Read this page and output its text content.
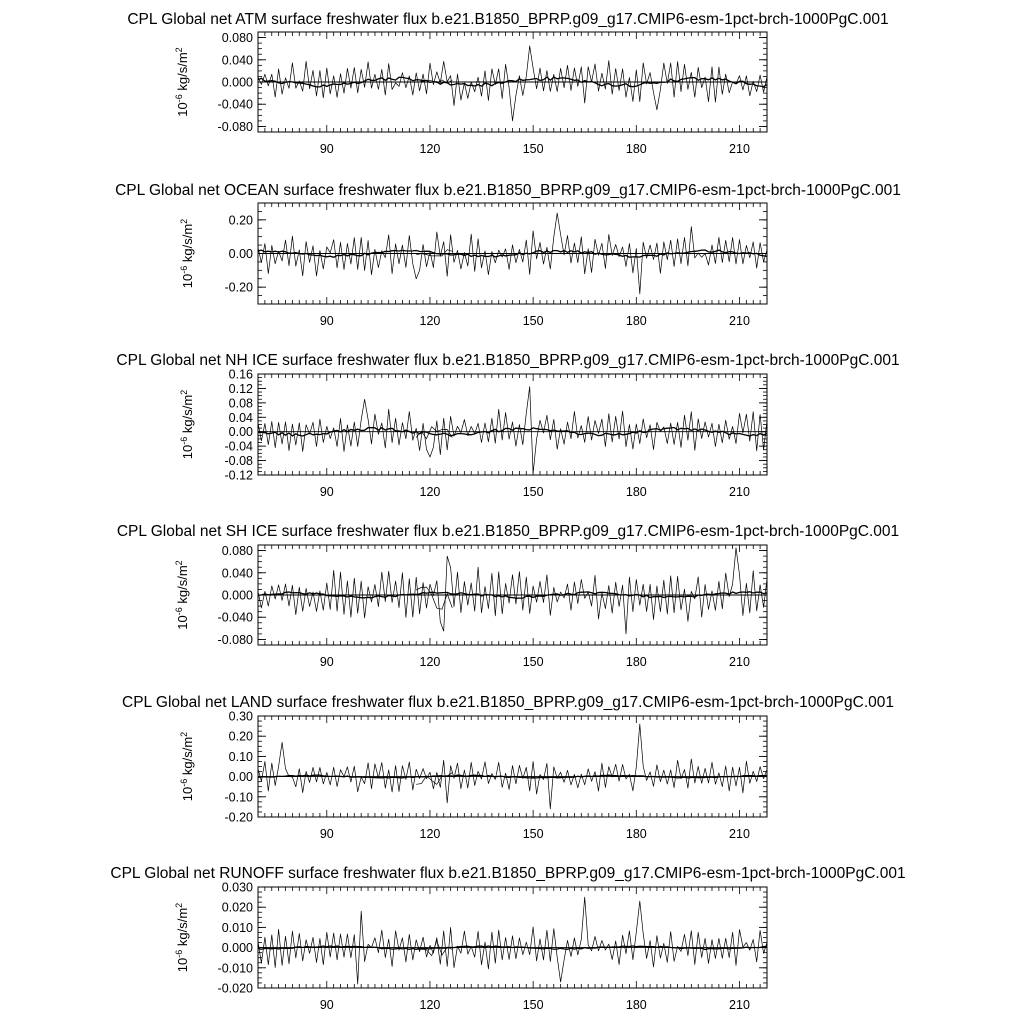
CPL Global net ATM surface freshwater flux b.e21.B1850_BPRP.g09_g17.CMIP6-esm-1pct-brch-1000PgC.001
90	120	150	180	210
0.080
0.040
0.000
-0.040
-0.080
$10^{-6}$ $kg/s/m^2$
CPL Global net OCEAN surface freshwater flux b.e21.B1850_BPRP.g09_g17.CMIP6-esm-1pct-brch-1000PgC.001
90	120	150	180	210
0.20
0.00
-0.20
$10^{-6}$ $kg/s/m^2$
CPL Global net NH ICE surface freshwater flux b.e21.B1850_BPRP.g09_g17.CMIP6-esm-1pct-brch-1000PgC.001
90	120	150	180	210
0.16
0.12
0.08
0.04
0.00
-0.04
-0.08
-0.12
$10^{-6}$ $kg/s/m^2$
CPL Global net SH ICE surface freshwater flux b.e21.B1850_BPRP.g09_g17.CMIP6-esm-1pct-brch-1000PgC.001
90	120	150	180	210
0.080
0.040
0.000
-0.040
-0.080
$10^{-6}$ $kg/s/m^2$
CPL Global net LAND surface freshwater flux b.e21.B1850_BPRP.g09_g17.CMIP6-esm-1pct-brch-1000PgC.001
90	120	150	180	210
0.30
0.20
0.10
0.00
-0.10
-0.20
$10^{-6}$ $kg/s/m^2$
CPL Global net RUNOFF surface freshwater flux b.e21.B1850_BPRP.g09_g17.CMIP6-esm-1pct-brch-1000PgC.001
90	120	150	180	210
0.030
0.020
0.010
0.000
-0.010
-0.020
$10^{-6}$ $kg/s/m^2$
